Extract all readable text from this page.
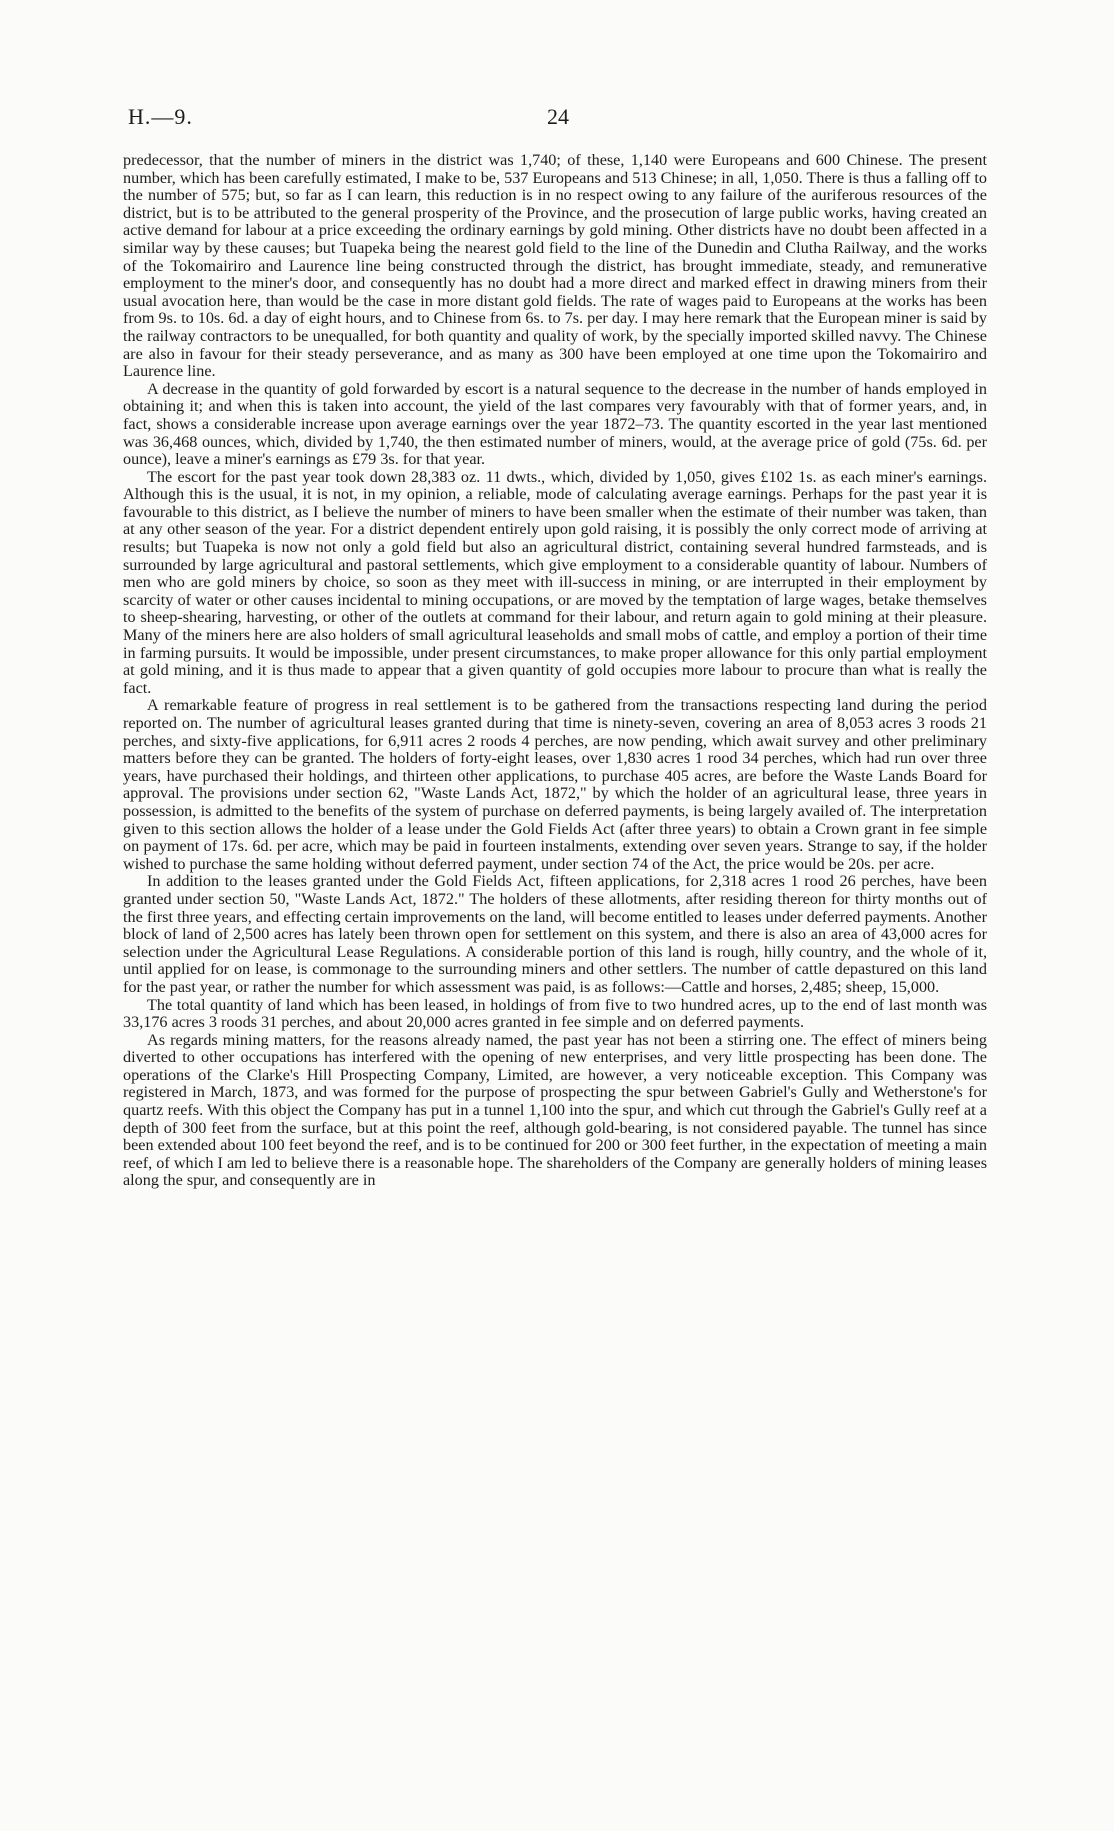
H.—9.	24

predecessor, that the number of miners in the district was 1,740; of these, 1,140 were Europeans and 600 Chinese. The present number, which has been carefully estimated, I make to be, 537 Europeans and 513 Chinese; in all, 1,050. There is thus a falling off to the number of 575; but, so far as I can learn, this reduction is in no respect owing to any failure of the auriferous resources of the district, but is to be attributed to the general prosperity of the Province, and the prosecution of large public works, having created an active demand for labour at a price exceeding the ordinary earnings by gold mining. Other districts have no doubt been affected in a similar way by these causes; but Tuapeka being the nearest gold field to the line of the Dunedin and Clutha Railway, and the works of the Tokomairiro and Laurence line being constructed through the district, has brought immediate, steady, and remunerative employment to the miner's door, and consequently has no doubt had a more direct and marked effect in drawing miners from their usual avocation here, than would be the case in more distant gold fields. The rate of wages paid to Europeans at the works has been from 9s. to 10s. 6d. a day of eight hours, and to Chinese from 6s. to 7s. per day. I may here remark that the European miner is said by the railway contractors to be unequalled, for both quantity and quality of work, by the specially imported skilled navvy. The Chinese are also in favour for their steady perseverance, and as many as 300 have been employed at one time upon the Tokomairiro and Laurence line.

A decrease in the quantity of gold forwarded by escort is a natural sequence to the decrease in the number of hands employed in obtaining it; and when this is taken into account, the yield of the last compares very favourably with that of former years, and, in fact, shows a considerable increase upon average earnings over the year 1872–73. The quantity escorted in the year last mentioned was 36,468 ounces, which, divided by 1,740, the then estimated number of miners, would, at the average price of gold (75s. 6d. per ounce), leave a miner's earnings as £79 3s. for that year.

The escort for the past year took down 28,383 oz. 11 dwts., which, divided by 1,050, gives £102 1s. as each miner's earnings. Although this is the usual, it is not, in my opinion, a reliable, mode of calculating average earnings. Perhaps for the past year it is favourable to this district, as I believe the number of miners to have been smaller when the estimate of their number was taken, than at any other season of the year. For a district dependent entirely upon gold raising, it is possibly the only correct mode of arriving at results; but Tuapeka is now not only a gold field but also an agricultural district, containing several hundred farmsteads, and is surrounded by large agricultural and pastoral settlements, which give employment to a considerable quantity of labour. Numbers of men who are gold miners by choice, so soon as they meet with ill-success in mining, or are interrupted in their employment by scarcity of water or other causes incidental to mining occupations, or are moved by the temptation of large wages, betake themselves to sheep-shearing, harvesting, or other of the outlets at command for their labour, and return again to gold mining at their pleasure. Many of the miners here are also holders of small agricultural leaseholds and small mobs of cattle, and employ a portion of their time in farming pursuits. It would be impossible, under present circumstances, to make proper allowance for this only partial employment at gold mining, and it is thus made to appear that a given quantity of gold occupies more labour to procure than what is really the fact.

A remarkable feature of progress in real settlement is to be gathered from the transactions respecting land during the period reported on. The number of agricultural leases granted during that time is ninety-seven, covering an area of 8,053 acres 3 roods 21 perches, and sixty-five applications, for 6,911 acres 2 roods 4 perches, are now pending, which await survey and other preliminary matters before they can be granted. The holders of forty-eight leases, over 1,830 acres 1 rood 34 perches, which had run over three years, have purchased their holdings, and thirteen other applications, to purchase 405 acres, are before the Waste Lands Board for approval. The provisions under section 62, "Waste Lands Act, 1872," by which the holder of an agricultural lease, three years in possession, is admitted to the benefits of the system of purchase on deferred payments, is being largely availed of. The interpretation given to this section allows the holder of a lease under the Gold Fields Act (after three years) to obtain a Crown grant in fee simple on payment of 17s. 6d. per acre, which may be paid in fourteen instalments, extending over seven years. Strange to say, if the holder wished to purchase the same holding without deferred payment, under section 74 of the Act, the price would be 20s. per acre.

In addition to the leases granted under the Gold Fields Act, fifteen applications, for 2,318 acres 1 rood 26 perches, have been granted under section 50, "Waste Lands Act, 1872." The holders of these allotments, after residing thereon for thirty months out of the first three years, and effecting certain improvements on the land, will become entitled to leases under deferred payments. Another block of land of 2,500 acres has lately been thrown open for settlement on this system, and there is also an area of 43,000 acres for selection under the Agricultural Lease Regulations. A considerable portion of this land is rough, hilly country, and the whole of it, until applied for on lease, is commonage to the surrounding miners and other settlers. The number of cattle depastured on this land for the past year, or rather the number for which assessment was paid, is as follows:—Cattle and horses, 2,485; sheep, 15,000.

The total quantity of land which has been leased, in holdings of from five to two hundred acres, up to the end of last month was 33,176 acres 3 roods 31 perches, and about 20,000 acres granted in fee simple and on deferred payments.

As regards mining matters, for the reasons already named, the past year has not been a stirring one. The effect of miners being diverted to other occupations has interfered with the opening of new enterprises, and very little prospecting has been done. The operations of the Clarke's Hill Prospecting Company, Limited, are however, a very noticeable exception. This Company was registered in March, 1873, and was formed for the purpose of prospecting the spur between Gabriel's Gully and Wetherstone's for quartz reefs. With this object the Company has put in a tunnel 1,100 into the spur, and which cut through the Gabriel's Gully reef at a depth of 300 feet from the surface, but at this point the reef, although gold-bearing, is not considered payable. The tunnel has since been extended about 100 feet beyond the reef, and is to be continued for 200 or 300 feet further, in the expectation of meeting a main reef, of which I am led to believe there is a reasonable hope. The shareholders of the Company are generally holders of mining leases along the spur, and consequently are in
